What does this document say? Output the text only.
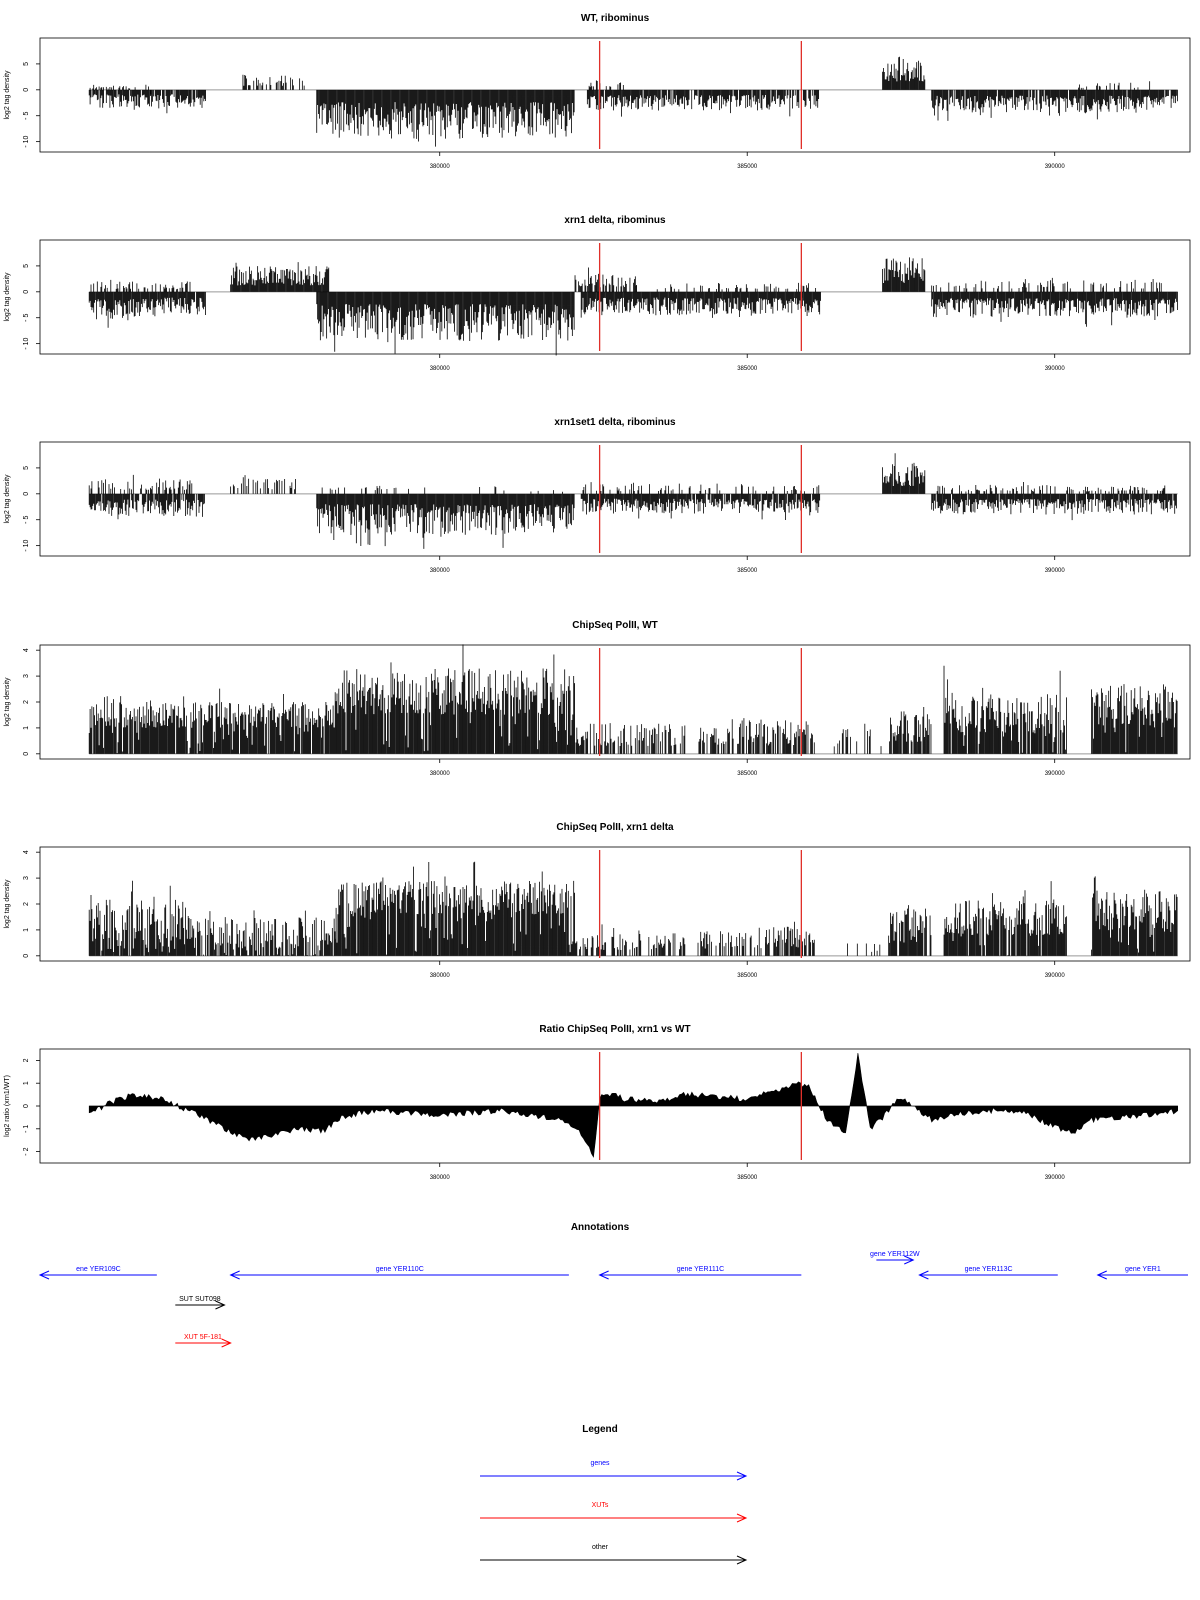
WT, ribominus
log2 tag density
- 10
- 5
0
5
380000	385000	390000
xrn1 delta, ribominus
log2 tag density
- 10
- 5
0
5
380000	385000	390000
xrn1set1 delta, ribominus
log2 tag density
- 10
- 5
0
5
380000	385000	390000
ChipSeq PolII, WT
log2 tag density
0
1
2
3
4
380000	385000	390000
ChipSeq PolII, xrn1 delta
log2 tag density
0
1
2
3
4
380000	385000	390000
Ratio ChipSeq PolII, xrn1 vs WT
log2 ratio (xrn1/WT)
- 2
- 1
0
1
2
380000	385000	390000
Annotations
ene YER109C	gene YER110C	gene YER111C
gene YER112W
gene YER113C	gene YER1
SUT SUT098
XUT 5F-181
Legend
genes
XUTs
other
